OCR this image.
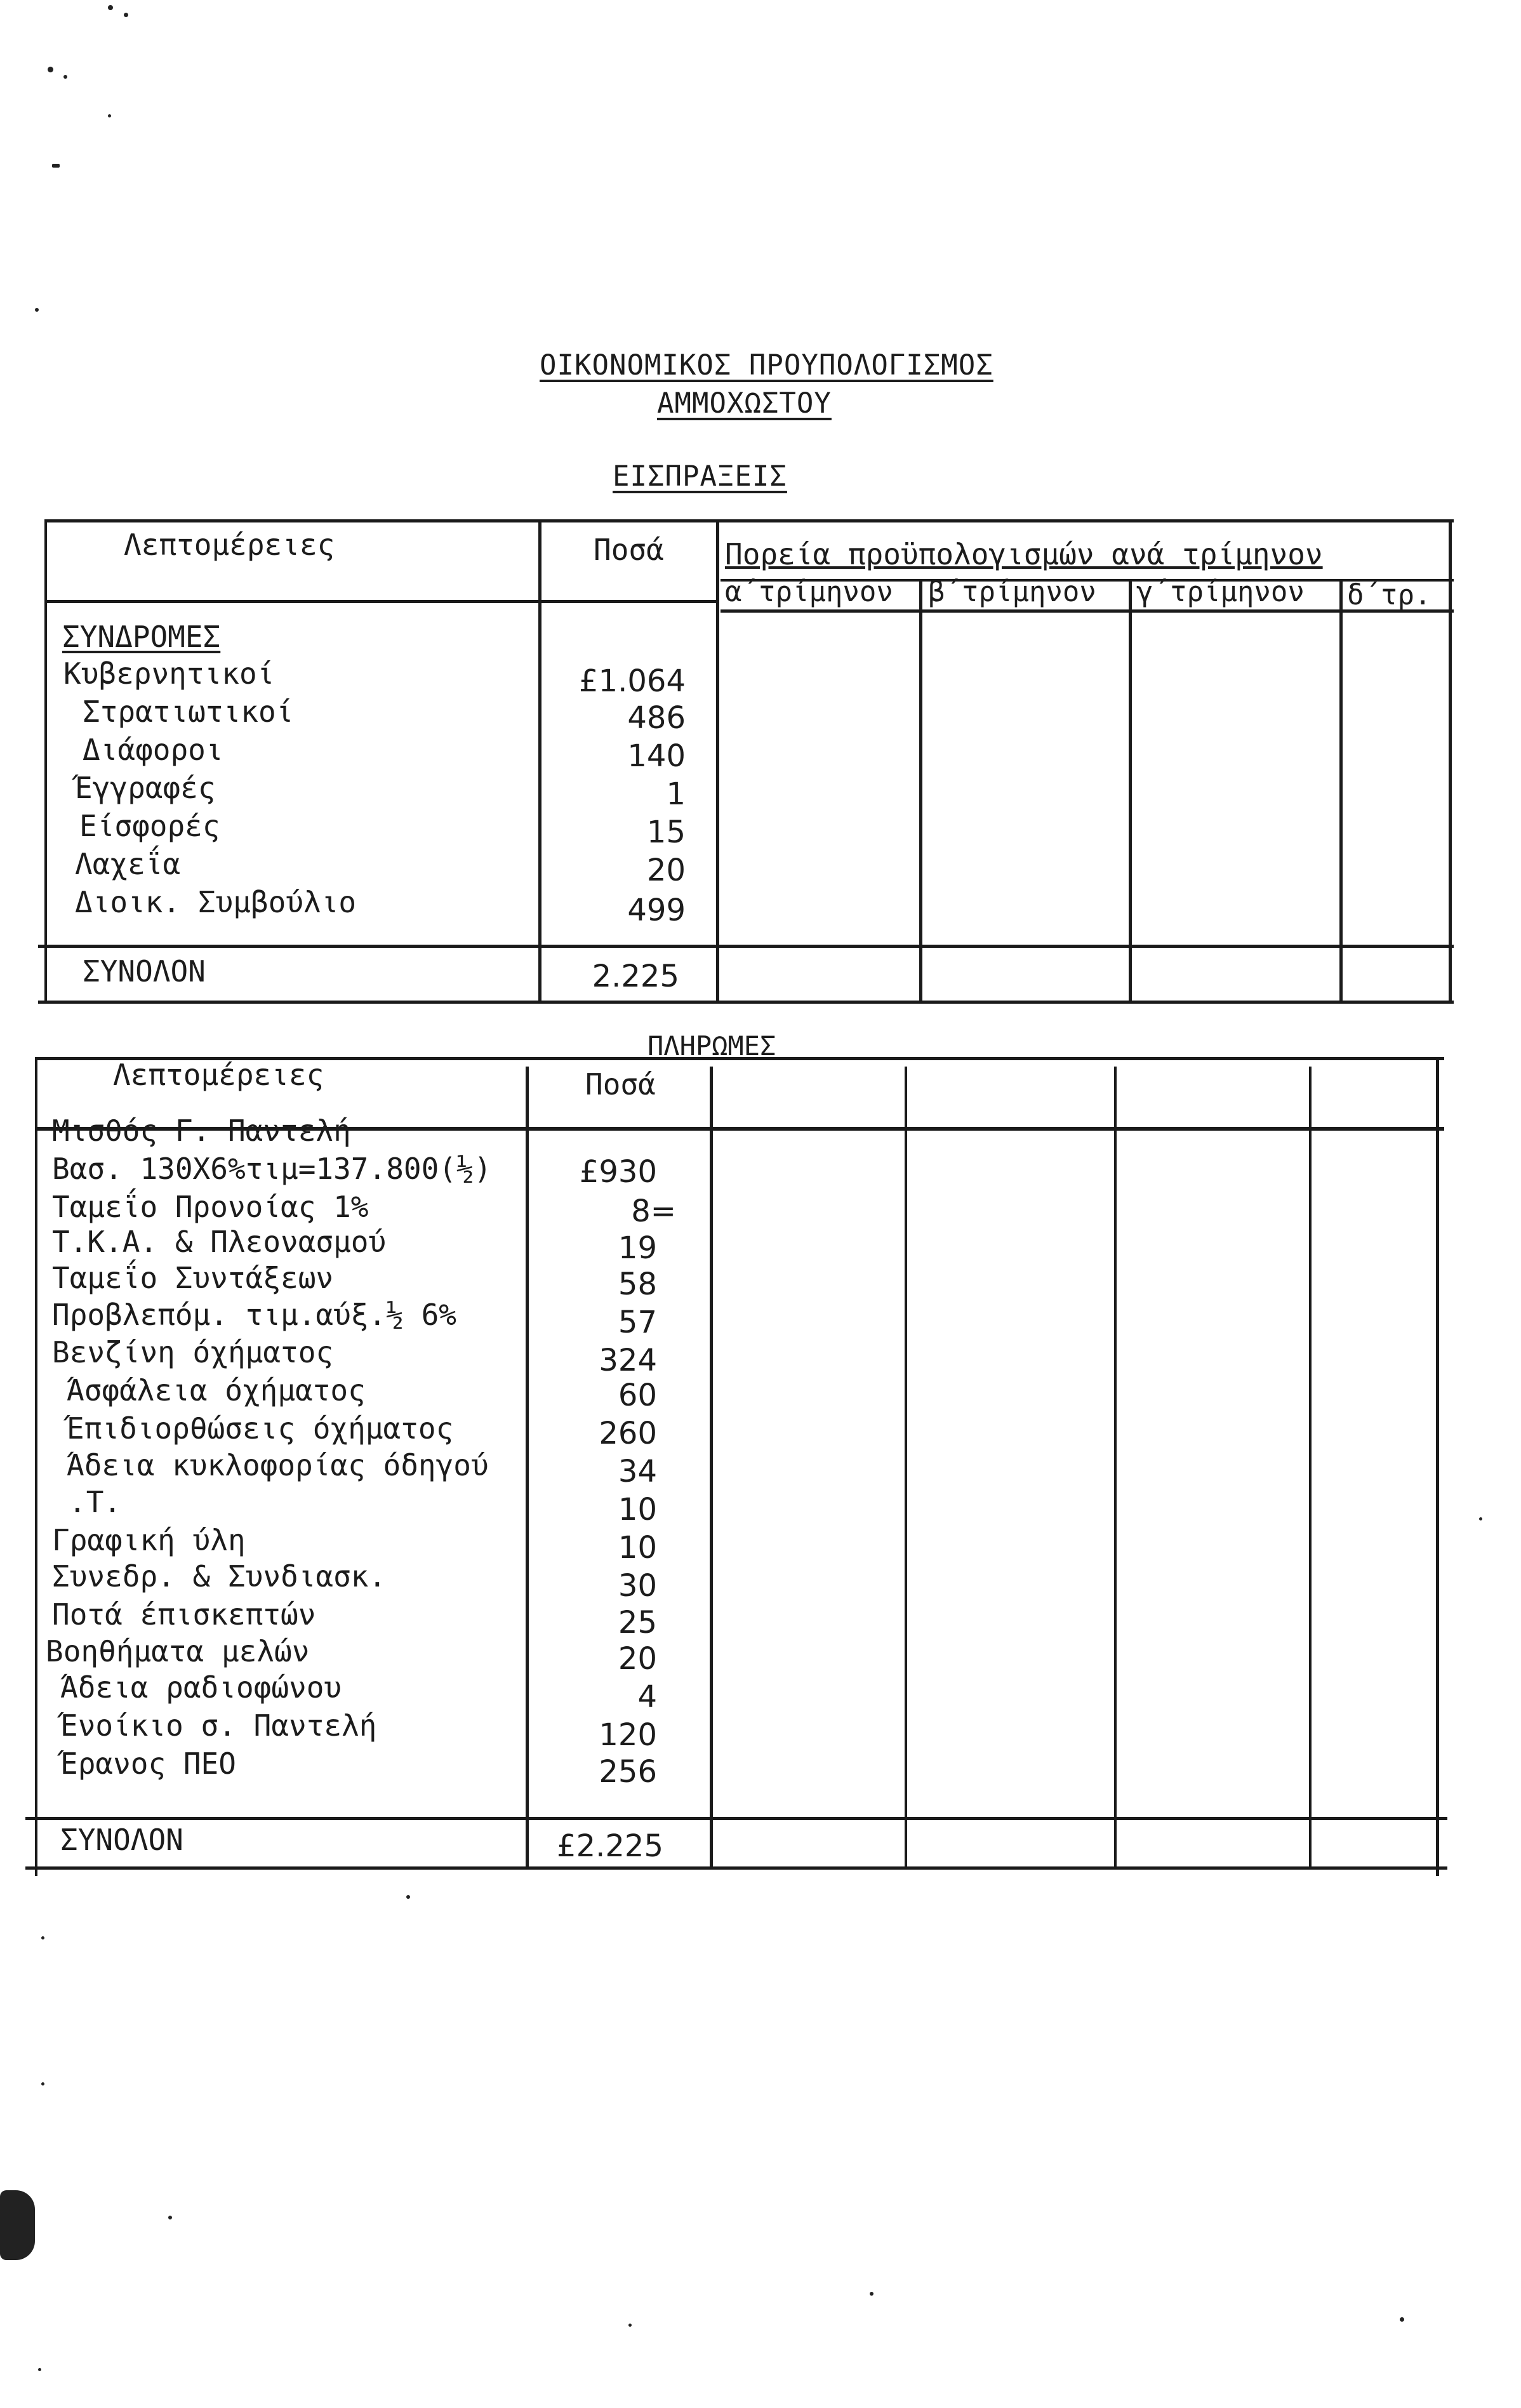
ΟΙΚΟΝΟΜΙΚΟΣ ΠΡΟΥΠΟΛΟΓΙΣΜΟΣ
ΑΜΜΟΧΩΣΤΟΥ
ΕΙΣΠΡΑΞΕΙΣ
Λεπτομέρειες	Ποσά Πορεία προϋπολογισμών ανά τρίμηνον
α΄τρίμηνον β΄τρίμηνον γ΄τρίμηνον δ΄τρ.
ΣΥΝΔΡΟΜΕΣ
Κυβερνητικοί	£1.064
Στρατιωτικοί	486
Διάφοροι	140
Έγγραφές	1
Είσφορές	15
Λαχεΐα	20
Διοικ. Συμβούλιο	499
ΣΥΝΟΛΟΝ	2.225
ΠΛΗΡΩΜΕΣ
Λεπτομέρειες	Ποσά
Μισθός Γ. Παντελή
Βασ. 130Χ6%τιμ=137.800(½)	£930
Ταμεΐο Προνοίας 1%	8=
Τ.Κ.Α. & Πλεονασμού	19
Ταμεΐο Συντάξεων	58
Προβλεπόμ. τιμ.αύξ.½ 6%	57
Βενζίνη όχήματος	324
Άσφάλεια όχήματος	60
Έπιδιορθώσεις όχήματος	260
Άδεια κυκλοφορίας όδηγού	34
.Τ.	10
Γραφική ύλη	10
Συνεδρ. & Συνδιασκ.	30
Ποτά έπισκεπτών	25
Βοηθήματα μελών	20
Άδεια ραδιοφώνου	4
Ένοίκιο σ. Παντελή	120
Έρανος ΠΕΟ	256
ΣΥΝΟΛΟΝ	£2.225
